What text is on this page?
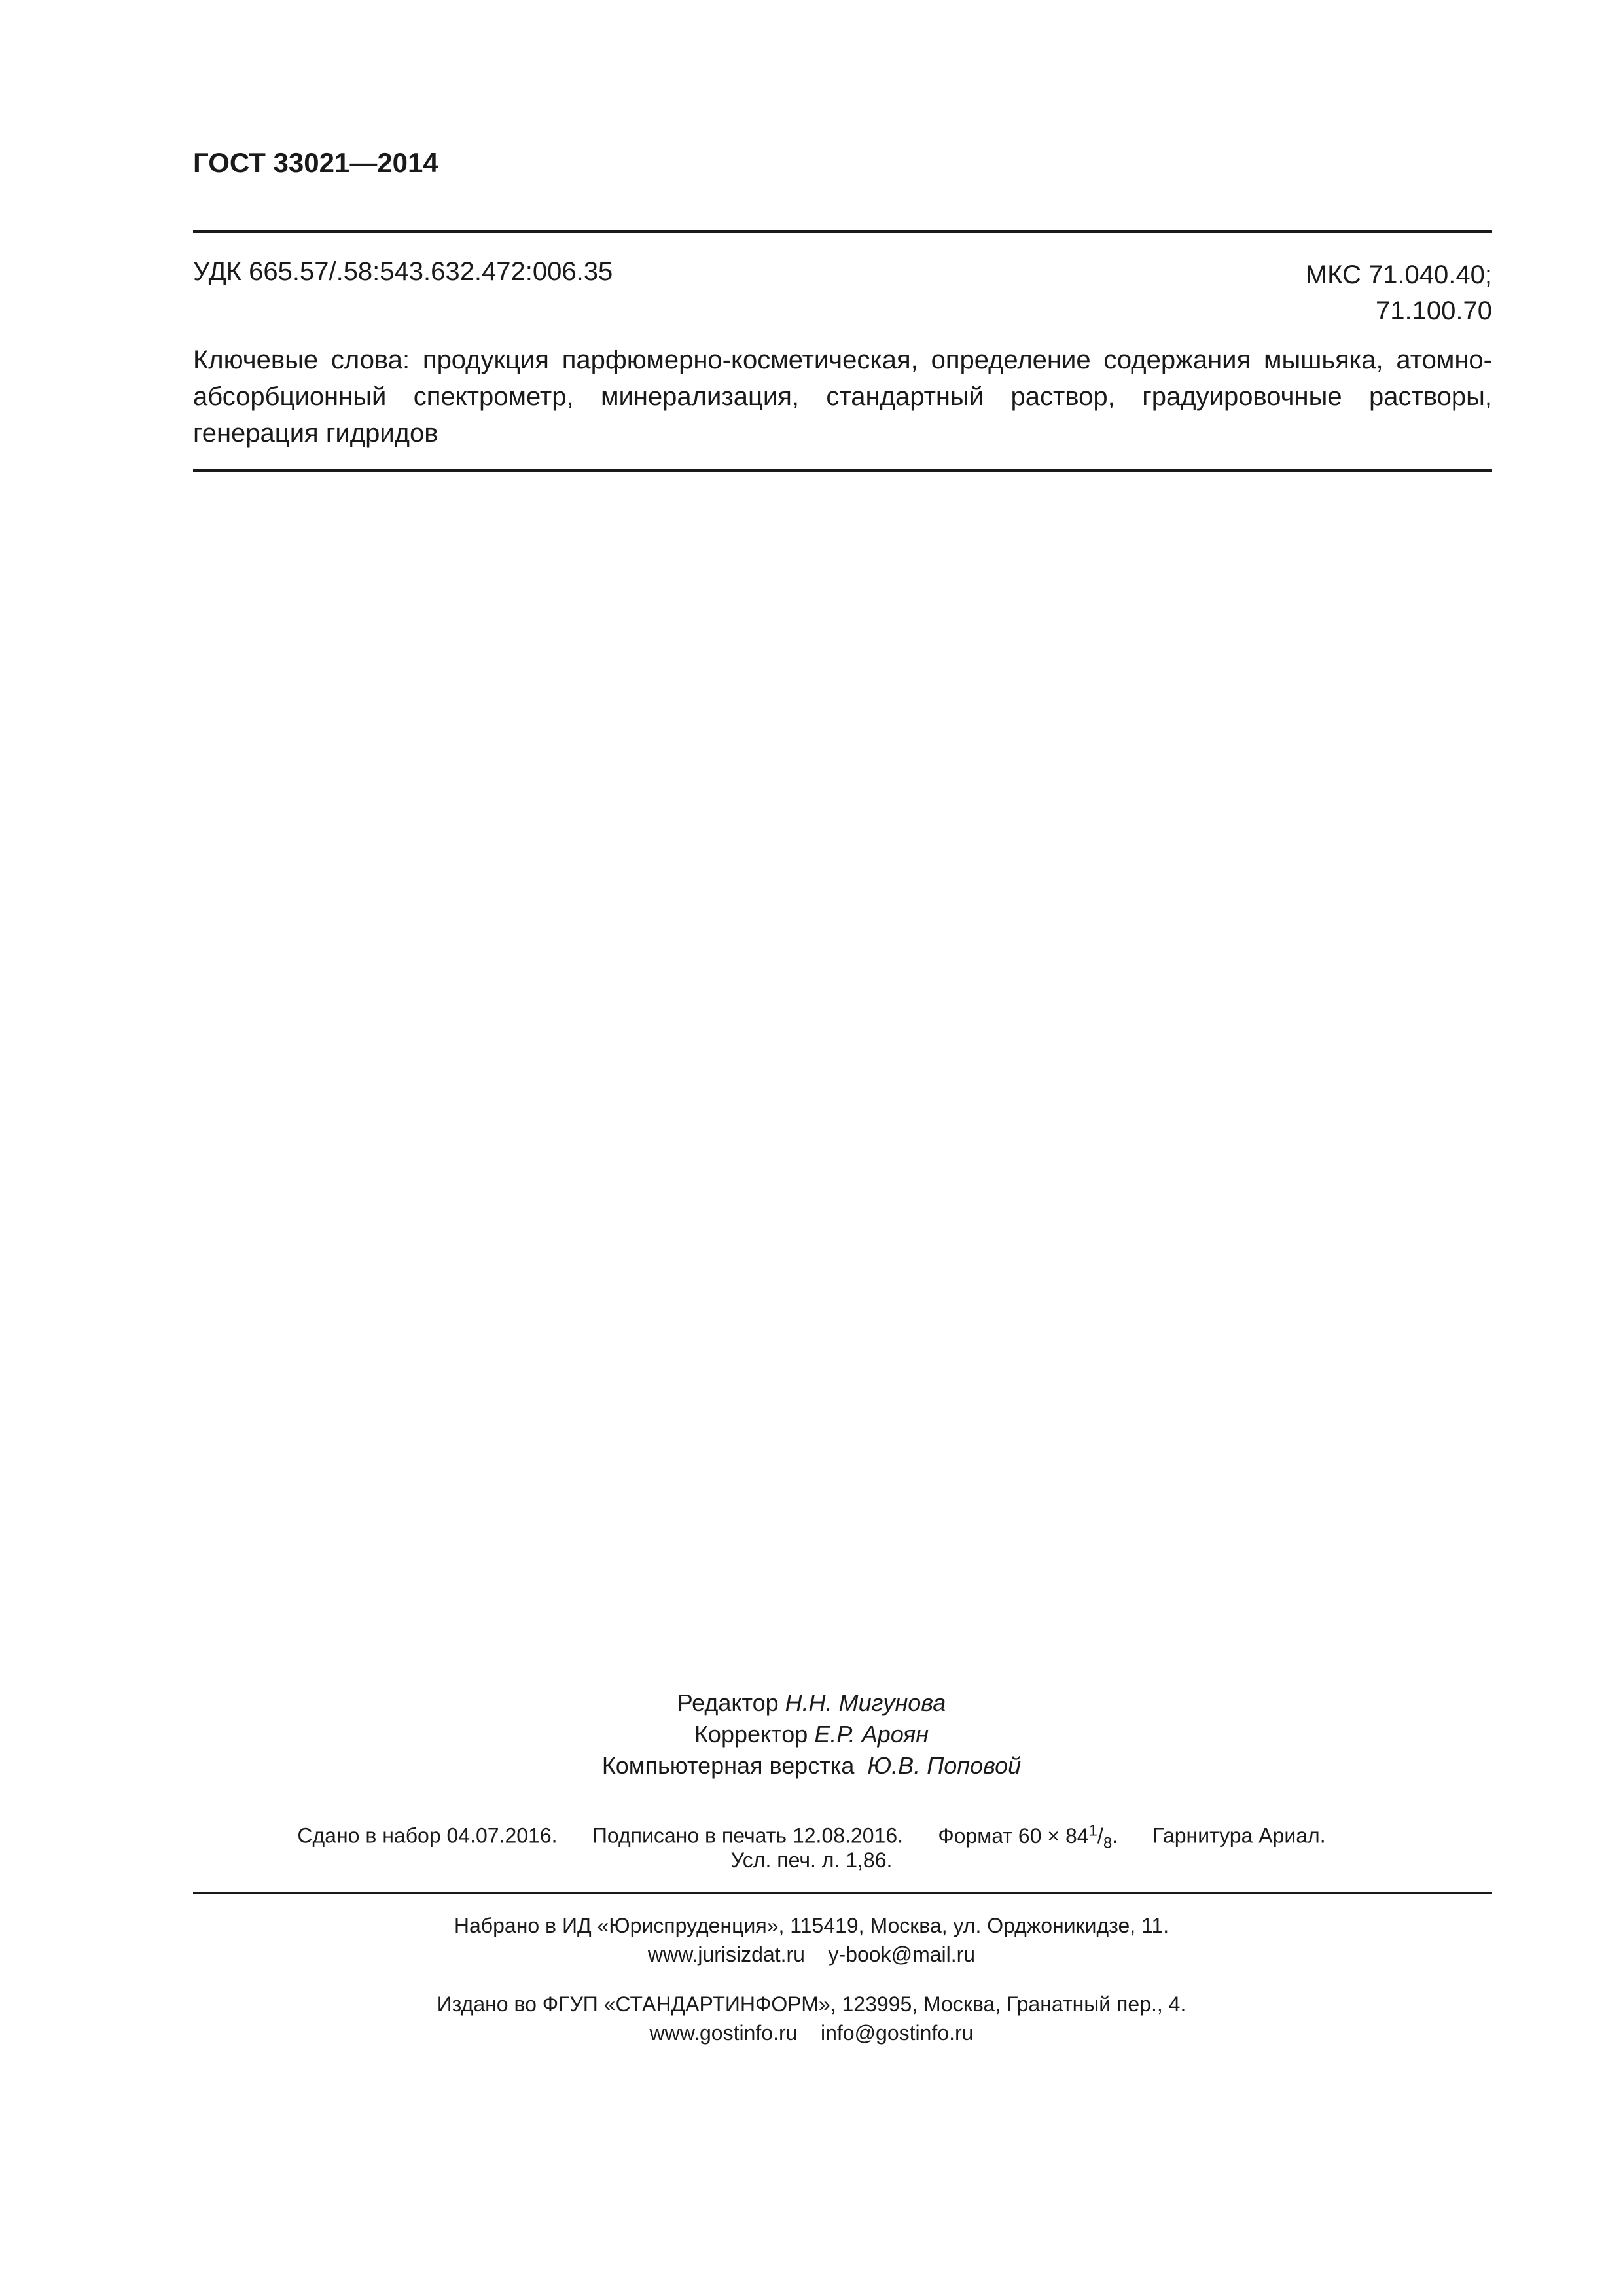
ГОСТ 33021—2014
УДК 665.57/.58:543.632.472:006.35	МКС 71.040.40;
71.100.70

Ключевые слова: продукция парфюмерно-косметическая, определение содержания мышьяка, атомно-абсорбционный спектрометр, минерализация, стандартный раствор, градуировочные растворы, генерация гидридов

Редактор Н.Н. Мигунова
Корректор Е.Р. Ароян
Компьютерная верстка Ю.В. Поповой
Сдано в набор 04.07.2016. Подписано в печать 12.08.2016. Формат $60 \times 84^1/_8$. Гарнитура Ариал.
Усл. печ. л. 1,86.
Набрано в ИД «Юриспруденция», 115419, Москва, ул. Орджоникидзе, 11.
www.jurisizdat.ru y-book@mail.ru
Издано во ФГУП «СТАНДАРТИНФОРМ», 123995, Москва, Гранатный пер., 4.
www.gostinfo.ru info@gostinfo.ru
